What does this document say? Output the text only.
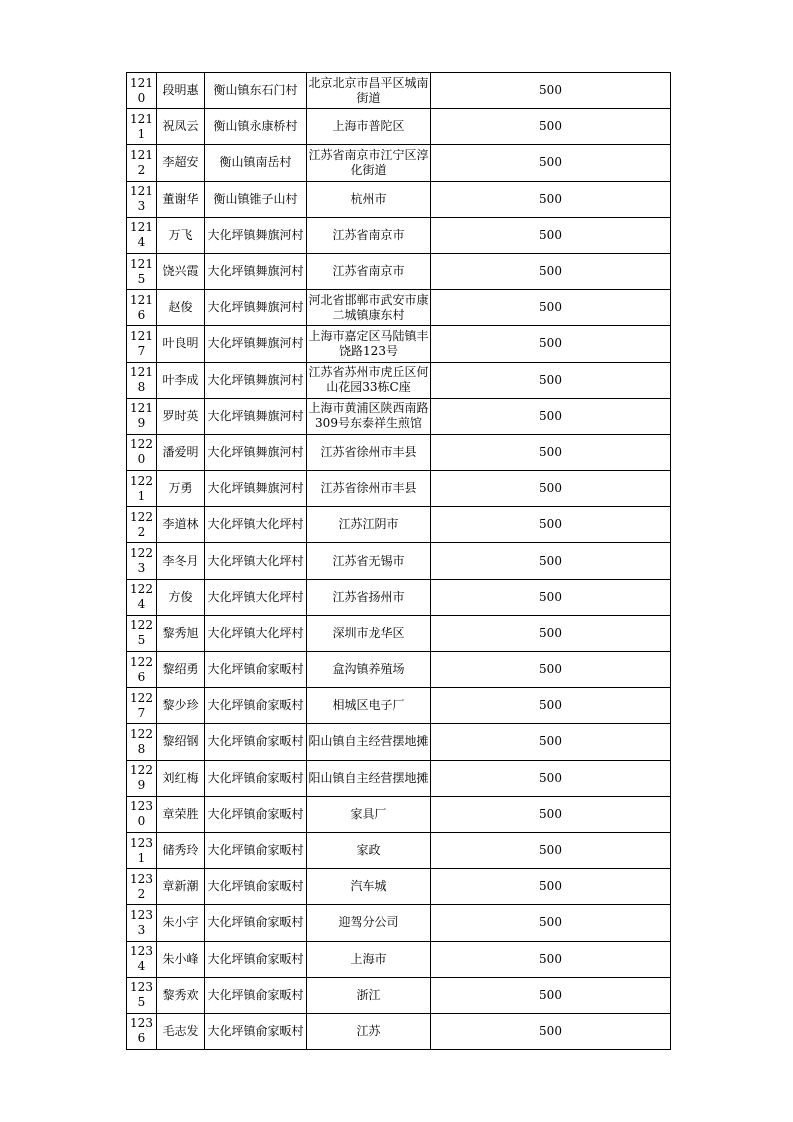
1210	段明惠	衡山镇东石门村	北京北京市昌平区城南街道	500
1211	祝凤云	衡山镇永康桥村	上海市普陀区	500
1212	李超安	衡山镇南岳村	江苏省南京市江宁区淳化街道	500
1213	董谢华	衡山镇锥子山村	杭州市	500
1214	万飞	大化坪镇舞旗河村	江苏省南京市	500
1215	饶兴霞	大化坪镇舞旗河村	江苏省南京市	500
1216	赵俊	大化坪镇舞旗河村	河北省邯郸市武安市康二城镇康东村	500
1217	叶良明	大化坪镇舞旗河村	上海市嘉定区马陆镇丰饶路123号	500
1218	叶李成	大化坪镇舞旗河村	江苏省苏州市虎丘区何山花园33栋C座	500
1219	罗时英	大化坪镇舞旗河村	上海市黄浦区陕西南路309号东泰祥生煎馆	500
1220	潘爱明	大化坪镇舞旗河村	江苏省徐州市丰县	500
1221	万勇	大化坪镇舞旗河村	江苏省徐州市丰县	500
1222	李道林	大化坪镇大化坪村	江苏江阴市	500
1223	李冬月	大化坪镇大化坪村	江苏省无锡市	500
1224	方俊	大化坪镇大化坪村	江苏省扬州市	500
1225	黎秀旭	大化坪镇大化坪村	深圳市龙华区	500
1226	黎绍勇	大化坪镇俞家畈村	盒沟镇养殖场	500
1227	黎少珍	大化坪镇俞家畈村	相城区电子厂	500
1228	黎绍钢	大化坪镇俞家畈村	阳山镇自主经营摆地摊	500
1229	刘红梅	大化坪镇俞家畈村	阳山镇自主经营摆地摊	500
1230	章荣胜	大化坪镇俞家畈村	家具厂	500
1231	储秀玲	大化坪镇俞家畈村	家政	500
1232	章新潮	大化坪镇俞家畈村	汽车城	500
1233	朱小宇	大化坪镇俞家畈村	迎驾分公司	500
1234	朱小峰	大化坪镇俞家畈村	上海市	500
1235	黎秀欢	大化坪镇俞家畈村	浙江	500
1236	毛志发	大化坪镇俞家畈村	江苏	500
